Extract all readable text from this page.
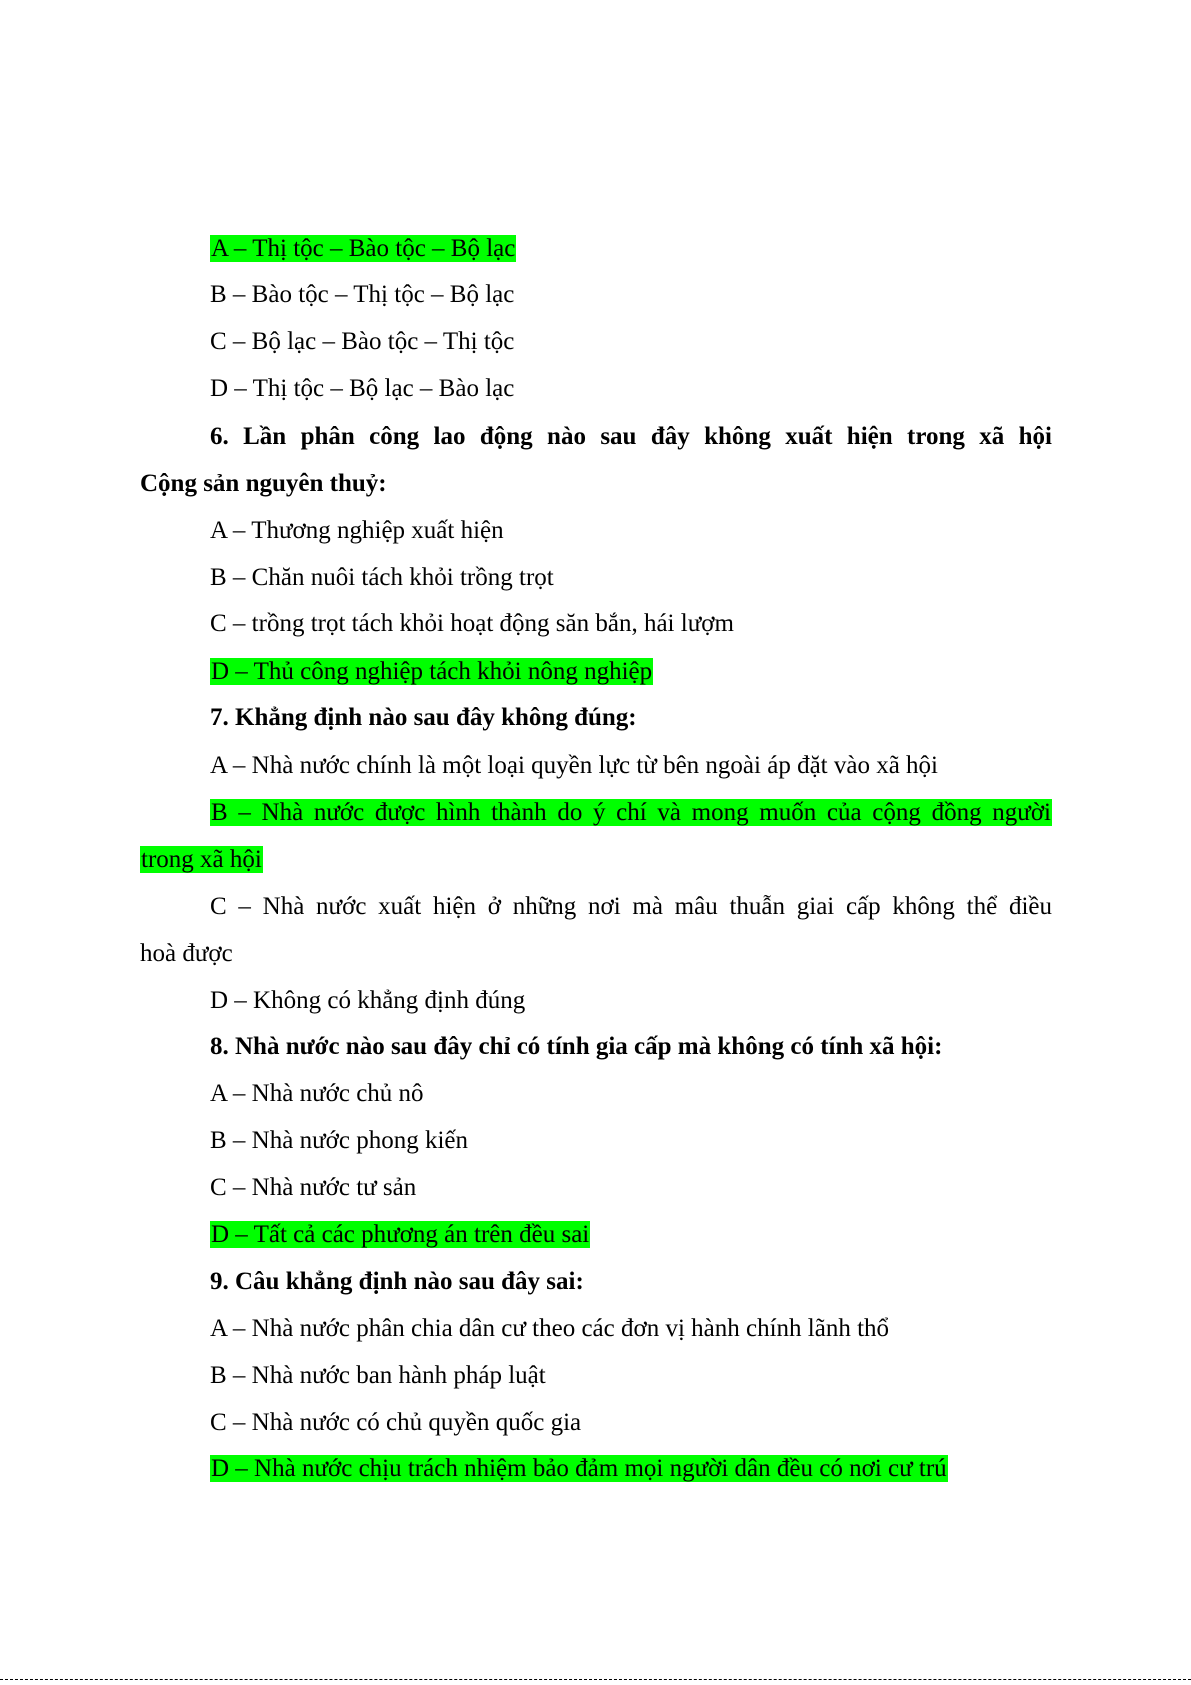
A – Thị tộc – Bào tộc – Bộ lạc
B – Bào tộc – Thị tộc – Bộ lạc
C – Bộ lạc – Bào tộc – Thị tộc
D – Thị tộc – Bộ lạc – Bào lạc
6. Lần phân công lao động nào sau đây không xuất hiện trong xã hội
Cộng sản nguyên thuỷ:
A – Thương nghiệp xuất hiện
B – Chăn nuôi tách khỏi trồng trọt
C – trồng trọt tách khỏi hoạt động săn bắn, hái lượm
D – Thủ công nghiệp tách khỏi nông nghiệp
7. Khẳng định nào sau đây không đúng:
A – Nhà nước chính là một loại quyền lực từ bên ngoài áp đặt vào xã hội
B – Nhà nước được hình thành do ý chí và mong muốn của cộng đồng người
trong xã hội
C – Nhà nước xuất hiện ở những nơi mà mâu thuẫn giai cấp không thể điều
hoà được
D – Không có khẳng định đúng
8. Nhà nước nào sau đây chỉ có tính gia cấp mà không có tính xã hội:
A – Nhà nước chủ nô
B – Nhà nước phong kiến
C – Nhà nước tư sản
D – Tất cả các phương án trên đều sai
9. Câu khẳng định nào sau đây sai:
A – Nhà nước phân chia dân cư theo các đơn vị hành chính lãnh thổ
B – Nhà nước ban hành pháp luật
C – Nhà nước có chủ quyền quốc gia
D – Nhà nước chịu trách nhiệm bảo đảm mọi người dân đều có nơi cư trú
